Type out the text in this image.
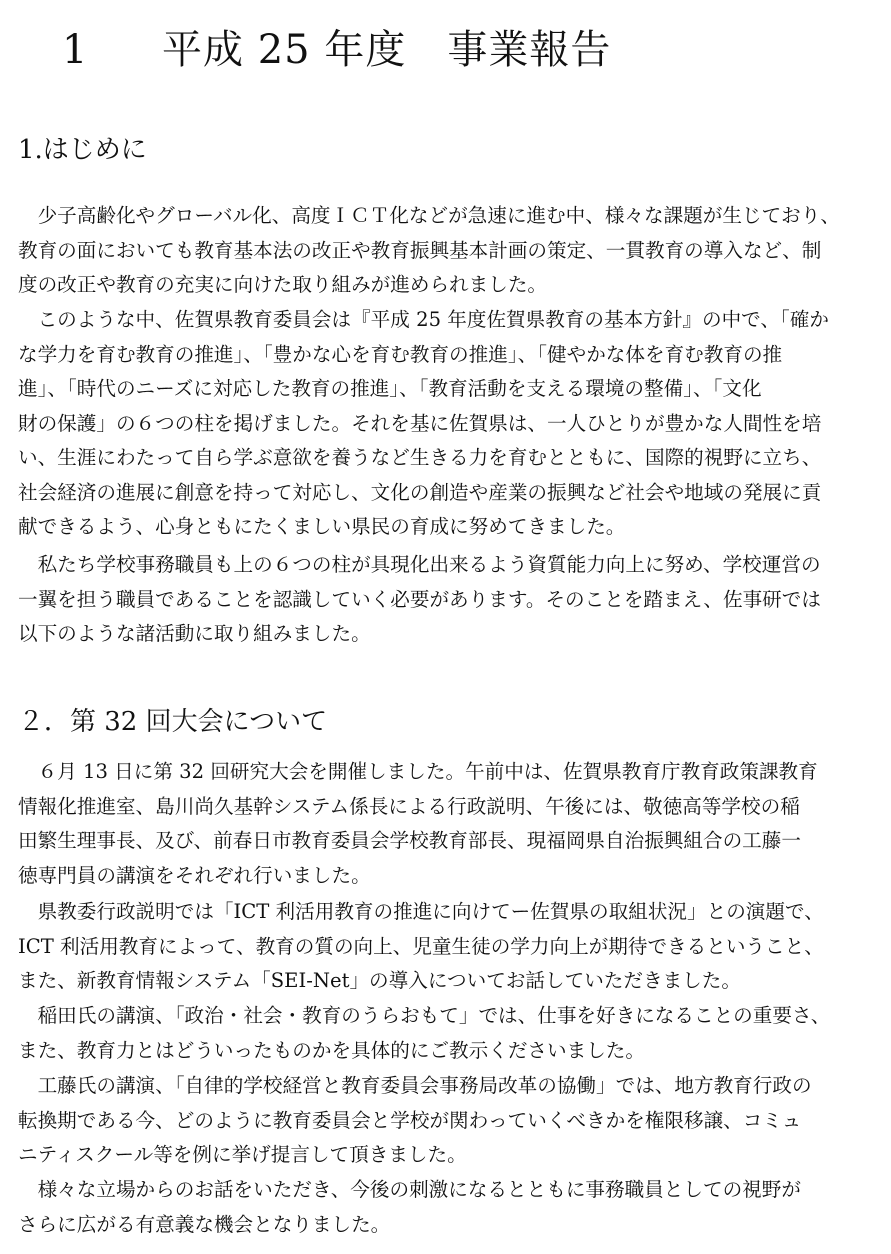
1 平成 25 年度　事業報告
1.はじめに
　少子高齢化やグローバル化、高度ＩＣＴ化などが急速に進む中、様々な課題が生じており、
教育の面においても教育基本法の改正や教育振興基本計画の策定、一貫教育の導入など、制
度の改正や教育の充実に向けた取り組みが進められました。
　このような中、佐賀県教育委員会は『平成 25 年度佐賀県教育の基本方針』の中で、「確か
な学力を育む教育の推進」、「豊かな心を育む教育の推進」、「健やかな体を育む教育の推
進」、「時代のニーズに対応した教育の推進」、「教育活動を支える環境の整備」、「文化
財の保護」の６つの柱を掲げました。それを基に佐賀県は、一人ひとりが豊かな人間性を培
い、生涯にわたって自ら学ぶ意欲を養うなど生きる力を育むとともに、国際的視野に立ち、
社会経済の進展に創意を持って対応し、文化の創造や産業の振興など社会や地域の発展に貢
献できるよう、心身ともにたくましい県民の育成に努めてきました。
　私たち学校事務職員も上の６つの柱が具現化出来るよう資質能力向上に努め、学校運営の
一翼を担う職員であることを認識していく必要があります。そのことを踏まえ、佐事研では
以下のような諸活動に取り組みました。
２．第 32 回大会について
　６月 13 日に第 32 回研究大会を開催しました。午前中は、佐賀県教育庁教育政策課教育
情報化推進室、島川尚久基幹システム係長による行政説明、午後には、敬徳高等学校の稲
田繁生理事長、及び、前春日市教育委員会学校教育部長、現福岡県自治振興組合の工藤一
徳専門員の講演をそれぞれ行いました。
　県教委行政説明では「ICT 利活用教育の推進に向けてー佐賀県の取組状況」との演題で、
ICT 利活用教育によって、教育の質の向上、児童生徒の学力向上が期待できるということ、
また、新教育情報システム「SEI-Net」の導入についてお話していただきました。
　稲田氏の講演、「政治・社会・教育のうらおもて」では、仕事を好きになることの重要さ、
また、教育力とはどういったものかを具体的にご教示くださいました。
　工藤氏の講演、「自律的学校経営と教育委員会事務局改革の協働」では、地方教育行政の
転換期である今、どのように教育委員会と学校が関わっていくべきかを権限移譲、コミュ
ニティスクール等を例に挙げ提言して頂きました。
　様々な立場からのお話をいただき、今後の刺激になるとともに事務職員としての視野が
さらに広がる有意義な機会となりました。
